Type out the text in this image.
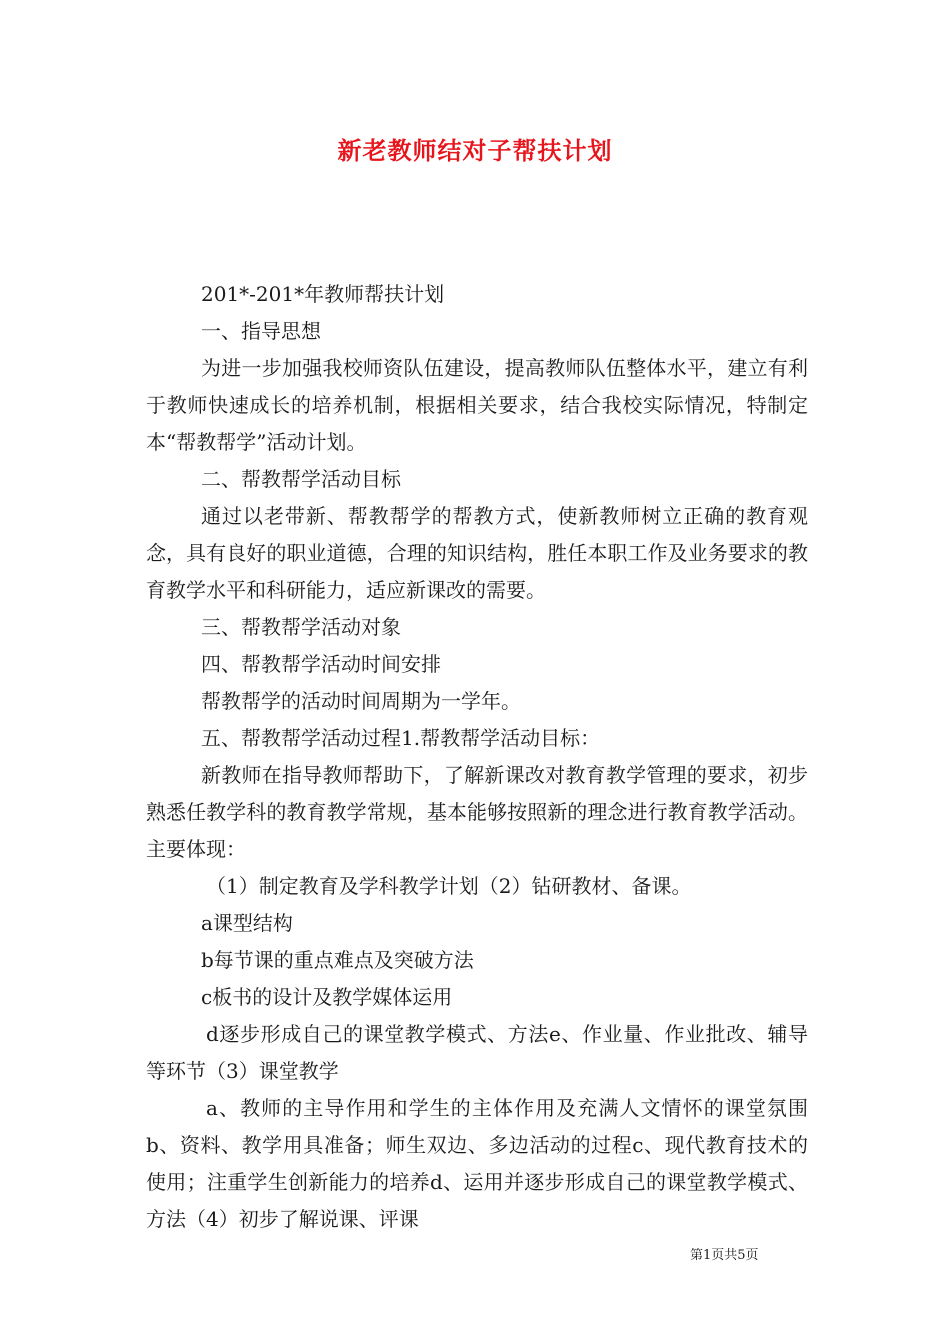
新老教师结对子帮扶计划

201*-201*年教师帮扶计划

一、指导思想

为进一步加强我校师资队伍建设，提高教师队伍整体水平，建立有利于教师快速成长的培养机制，根据相关要求，结合我校实际情况，特制定本“帮教帮学”活动计划。

二、帮教帮学活动目标

通过以老带新、帮教帮学的帮教方式，使新教师树立正确的教育观念，具有良好的职业道德，合理的知识结构，胜任本职工作及业务要求的教育教学水平和科研能力，适应新课改的需要。

三、帮教帮学活动对象

四、帮教帮学活动时间安排

帮教帮学的活动时间周期为一学年。

五、帮教帮学活动过程1.帮教帮学活动目标：

新教师在指导教师帮助下，了解新课改对教育教学管理的要求，初步熟悉任教学科的教育教学常规，基本能够按照新的理念进行教育教学活动。主要体现：

（1）制定教育及学科教学计划（2）钻研教材、备课。

a课型结构

b每节课的重点难点及突破方法

c板书的设计及教学媒体运用

d逐步形成自己的课堂教学模式、方法e、作业量、作业批改、辅导等环节（3）课堂教学

a、教师的主导作用和学生的主体作用及充满人文情怀的课堂氛围b、资料、教学用具准备；师生双边、多边活动的过程c、现代教育技术的使用；注重学生创新能力的培养d、运用并逐步形成自己的课堂教学模式、方法（4）初步了解说课、评课

第1页共5页
